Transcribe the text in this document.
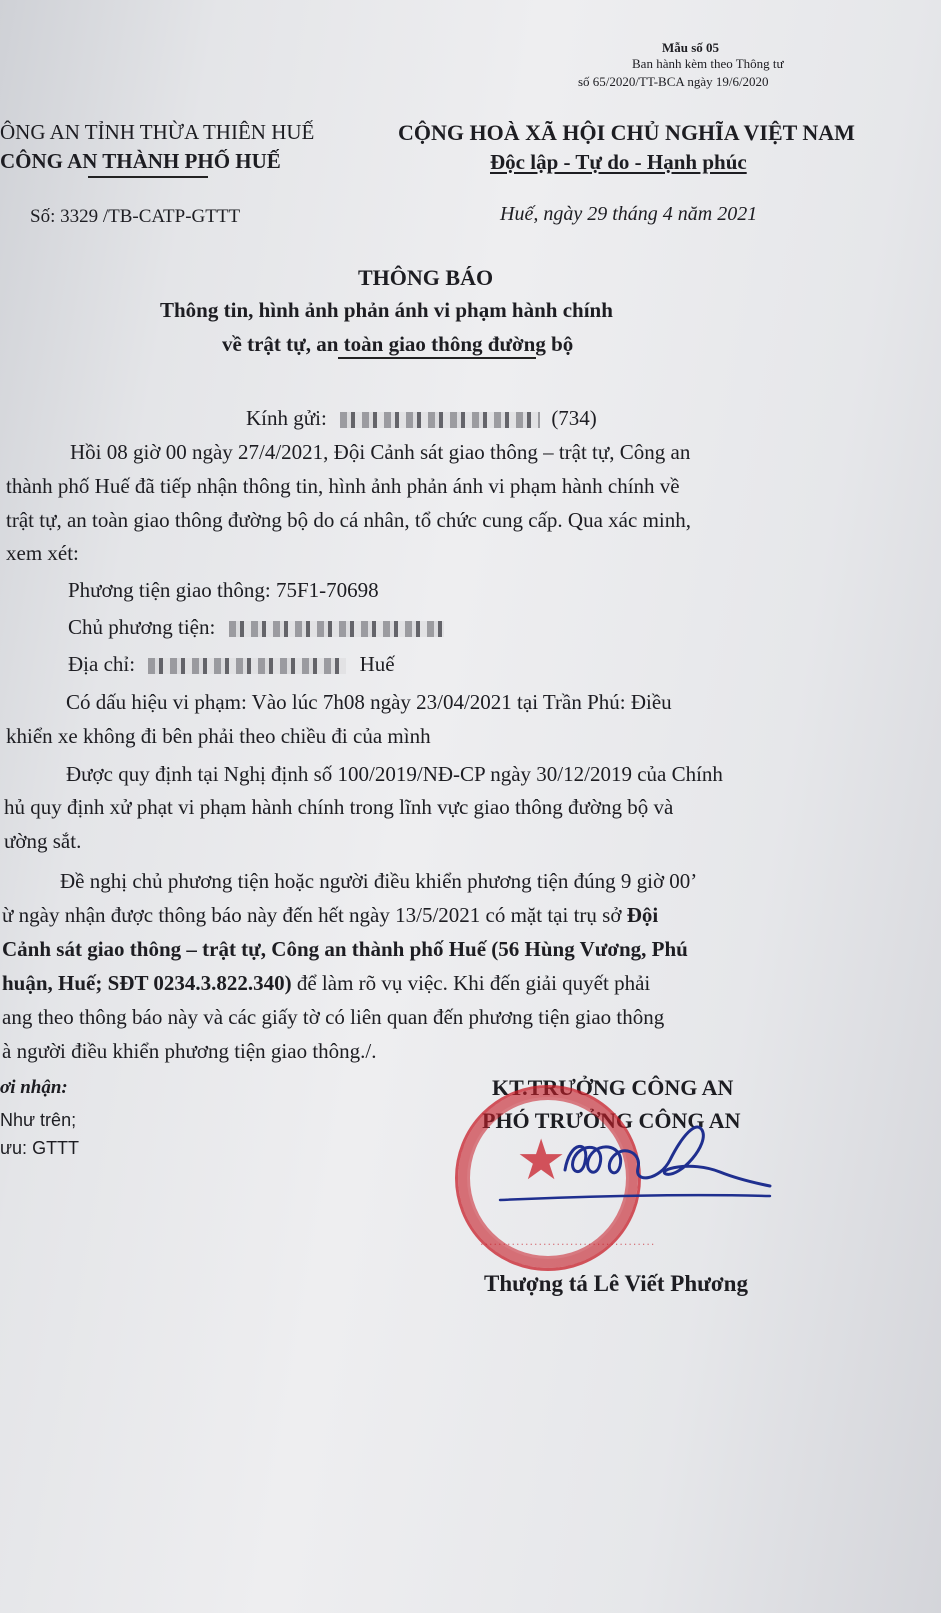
Mẫu số 05
Ban hành kèm theo Thông tư
số 65/2020/TT-BCA ngày 19/6/2020
ÔNG AN TỈNH THỪA THIÊN HUẾ
CÔNG AN THÀNH PHỐ HUẾ
Số: 3329 /TB-CATP-GTTT
CỘNG HOÀ XÃ HỘI CHỦ NGHĨA VIỆT NAM
Độc lập - Tự do - Hạnh phúc
Huế, ngày 29 tháng 4 năm 2021
THÔNG BÁO
Thông tin, hình ảnh phản ánh vi phạm hành chính
về trật tự, an toàn giao thông đường bộ
Kính gửi:	(734)
Hồi 08 giờ 00 ngày 27/4/2021, Đội Cảnh sát giao thông – trật tự, Công an
thành phố Huế đã tiếp nhận thông tin, hình ảnh phản ánh vi phạm hành chính về
trật tự, an toàn giao thông đường bộ do cá nhân, tổ chức cung cấp. Qua xác minh,
xem xét:
Phương tiện giao thông: 75F1-70698
Chủ phương tiện:
Địa chỉ:	Huế
Có dấu hiệu vi phạm: Vào lúc 7h08 ngày 23/04/2021 tại Trần Phú: Điều
khiển xe không đi bên phải theo chiều đi của mình
Được quy định tại Nghị định số 100/2019/NĐ-CP ngày 30/12/2019 của Chính
hủ quy định xử phạt vi phạm hành chính trong lĩnh vực giao thông đường bộ và
ường sắt.
Đề nghị chủ phương tiện hoặc người điều khiển phương tiện đúng 9 giờ 00’
ừ ngày nhận được thông báo này đến hết ngày 13/5/2021 có mặt tại trụ sở Đội
Cảnh sát giao thông – trật tự, Công an thành phố Huế (56 Hùng Vương, Phú
huận, Huế; SĐT 0234.3.822.340) để làm rõ vụ việc. Khi đến giải quyết phải
ang theo thông báo này và các giấy tờ có liên quan đến phương tiện giao thông
à người điều khiển phương tiện giao thông./.
ơi nhận:
Như trên;
ưu: GTTT
KT.TRƯỞNG CÔNG AN
PHÓ TRƯỞNG CÔNG AN
★
·······································
Thượng tá Lê Viết Phương
